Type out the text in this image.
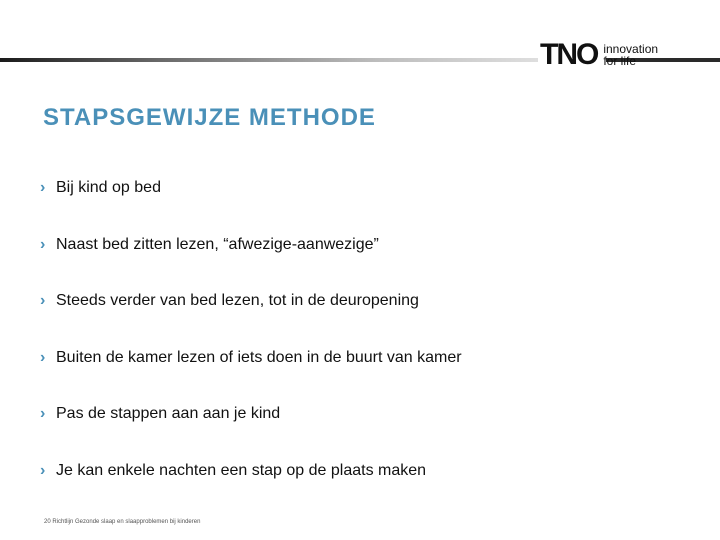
TNO innovation
for life
STAPSGEWIJZE METHODE
› Bij kind op bed
› Naast bed zitten lezen, “afwezige-aanwezige”
› Steeds verder van bed lezen, tot in de deuropening
› Buiten de kamer lezen of iets doen in de buurt van kamer
› Pas de stappen aan aan je kind
› Je kan enkele nachten een stap op de plaats maken
20 Richtlijn Gezonde slaap en slaapproblemen bij kinderen
